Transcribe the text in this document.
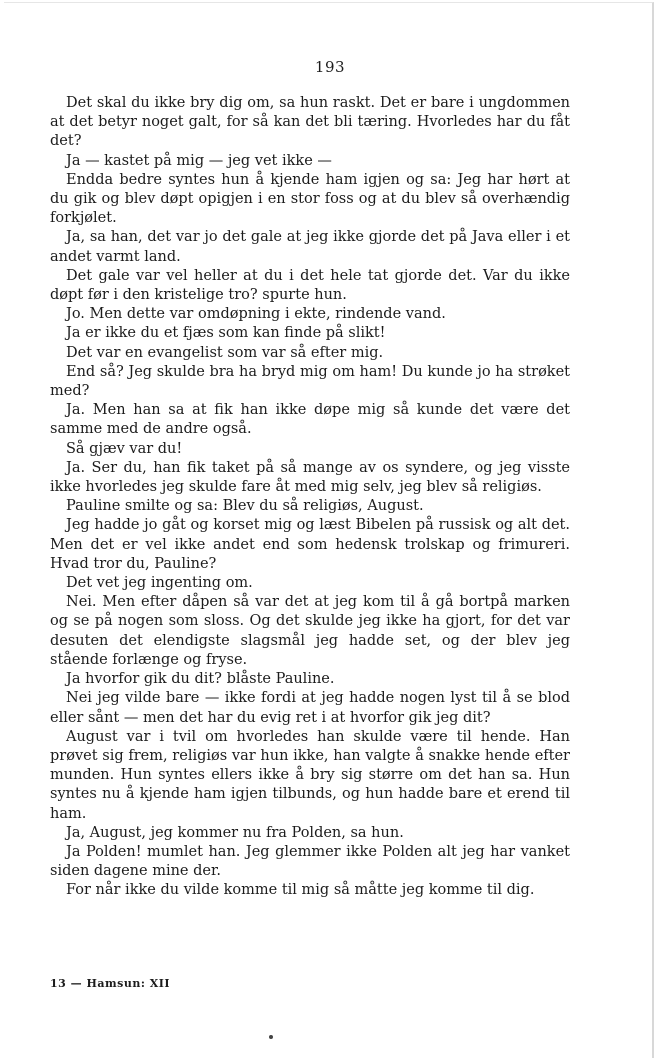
193

Det skal du ikke bry dig om, sa hun raskt. Det er bare i ungdommen at det betyr noget galt, for så kan det bli tæring. Hvorledes har du fåt det?

Ja — kastet på mig — jeg vet ikke —

Endda bedre syntes hun å kjende ham igjen og sa: Jeg har hørt at du gik og blev døpt opigjen i en stor foss og at du blev så overhændig forkjølet.

Ja, sa han, det var jo det gale at jeg ikke gjorde det på Java eller i et andet varmt land.

Det gale var vel heller at du i det hele tat gjorde det. Var du ikke døpt før i den kristelige tro? spurte hun.

Jo. Men dette var omdøpning i ekte, rindende vand.

Ja er ikke du et fjæs som kan finde på slikt!

Det var en evangelist som var så efter mig.

End så? Jeg skulde bra ha bryd mig om ham! Du kunde jo ha strøket med?

Ja. Men han sa at fik han ikke døpe mig så kunde det være det samme med de andre også.

Så gjæv var du!

Ja. Ser du, han fik taket på så mange av os syndere, og jeg visste ikke hvorledes jeg skulde fare åt med mig selv, jeg blev så religiøs.

Pauline smilte og sa: Blev du så religiøs, August.

Jeg hadde jo gåt og korset mig og læst Bibelen på russisk og alt det. Men det er vel ikke andet end som hedensk trolskap og frimureri. Hvad tror du, Pauline?

Det vet jeg ingenting om.

Nei. Men efter dåpen så var det at jeg kom til å gå bortpå marken og se på nogen som sloss. Og det skulde jeg ikke ha gjort, for det var desuten det elendigste slagsmål jeg hadde set, og der blev jeg stående forlænge og fryse.

Ja hvorfor gik du dit? blåste Pauline.

Nei jeg vilde bare — ikke fordi at jeg hadde nogen lyst til å se blod eller sånt — men det har du evig ret i at hvorfor gik jeg dit?

August var i tvil om hvorledes han skulde være til hende. Han prøvet sig frem, religiøs var hun ikke, han valgte å snakke hende efter munden. Hun syntes ellers ikke å bry sig større om det han sa. Hun syntes nu å kjende ham igjen tilbunds, og hun hadde bare et erend til ham.

Ja, August, jeg kommer nu fra Polden, sa hun.

Ja Polden! mumlet han. Jeg glemmer ikke Polden alt jeg har vanket siden dagene mine der.

For når ikke du vilde komme til mig så måtte jeg komme til dig.

13 — Hamsun: XII
